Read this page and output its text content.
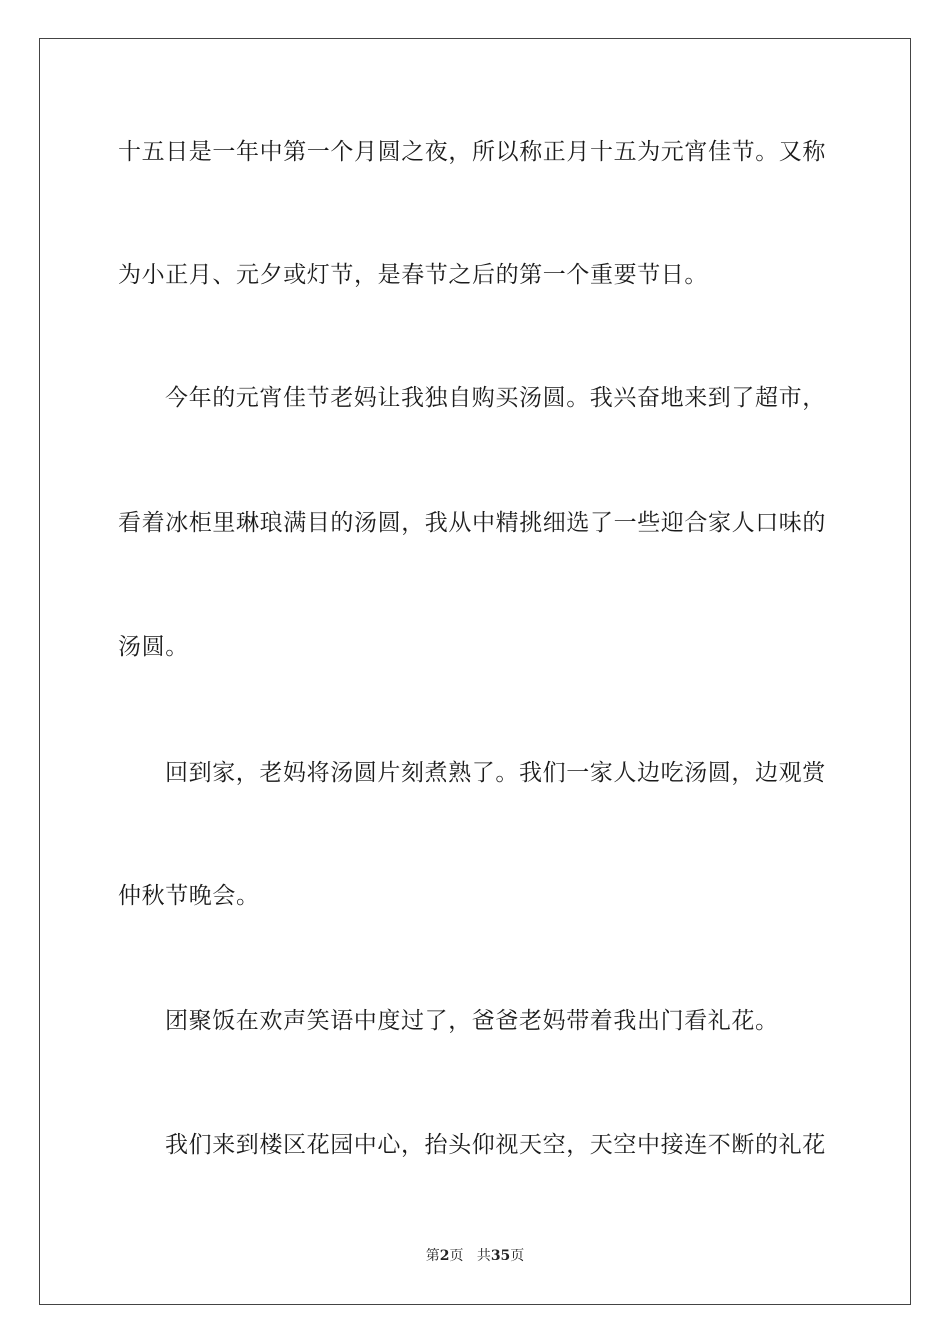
十五日是一年中第一个月圆之夜，所以称正月十五为元宵佳节。又称
为小正月、元夕或灯节，是春节之后的第一个重要节日。
今年的元宵佳节老妈让我独自购买汤圆。我兴奋地来到了超市，
看着冰柜里琳琅满目的汤圆，我从中精挑细选了一些迎合家人口味的
汤圆。
回到家，老妈将汤圆片刻煮熟了。我们一家人边吃汤圆，边观赏
仲秋节晚会。
团聚饭在欢声笑语中度过了，爸爸老妈带着我出门看礼花。
我们来到楼区花园中心，抬头仰视天空，天空中接连不断的礼花
第2页 共35页
